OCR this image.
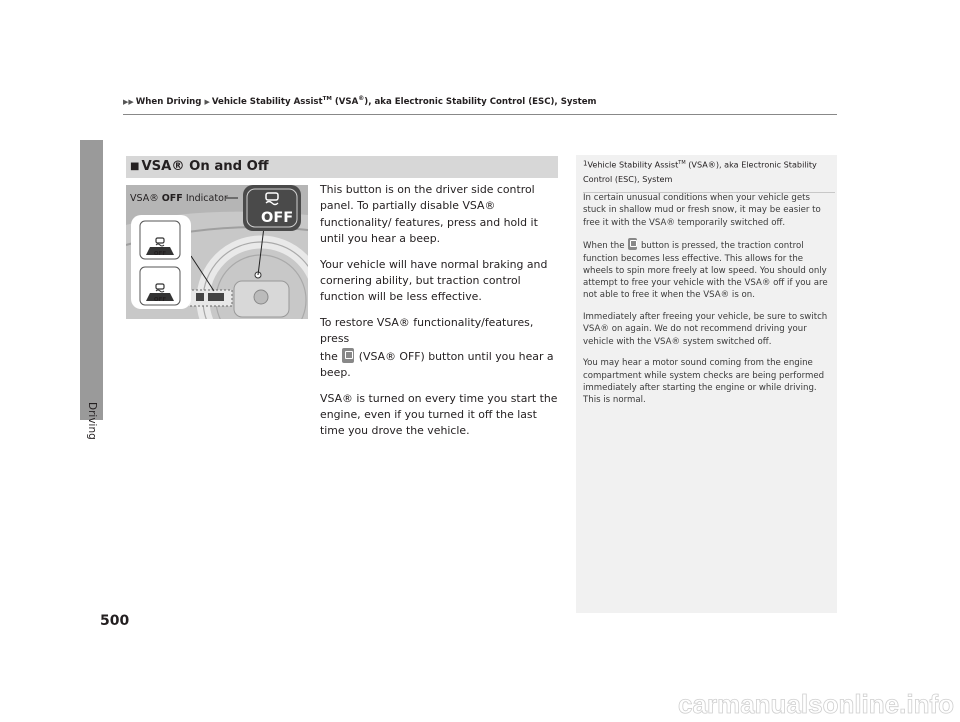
▶▶ When Driving ▶ Vehicle Stability Assist™ (VSA®), aka Electronic Stability Control (ESC), System
Driving
500
■ VSA® On and Off
VSA® OFF Indicator
OFF
OFF
OFF

This button is on the driver side control panel. To partially disable VSA® functionality/ features, press and hold it until you hear a beep.

Your vehicle will have normal braking and cornering ability, but traction control function will be less effective.

To restore VSA® functionality/features, press
the  (VSA® OFF) button until you hear a beep.

VSA® is turned on every time you start the engine, even if you turned it off the last time you drove the vehicle.

1Vehicle Stability Assist™ (VSA®), aka Electronic Stability Control (ESC), System

In certain unusual conditions when your vehicle gets stuck in shallow mud or fresh snow, it may be easier to free it with the VSA® temporarily switched off.

When the  button is pressed, the traction control function becomes less effective. This allows for the wheels to spin more freely at low speed. You should only attempt to free your vehicle with the VSA® off if you are not able to free it when the VSA® is on.

Immediately after freeing your vehicle, be sure to switch VSA® on again. We do not recommend driving your vehicle with the VSA® system switched off.

You may hear a motor sound coming from the engine compartment while system checks are being performed immediately after starting the engine or while driving. This is normal.

carmanualsonline.info
